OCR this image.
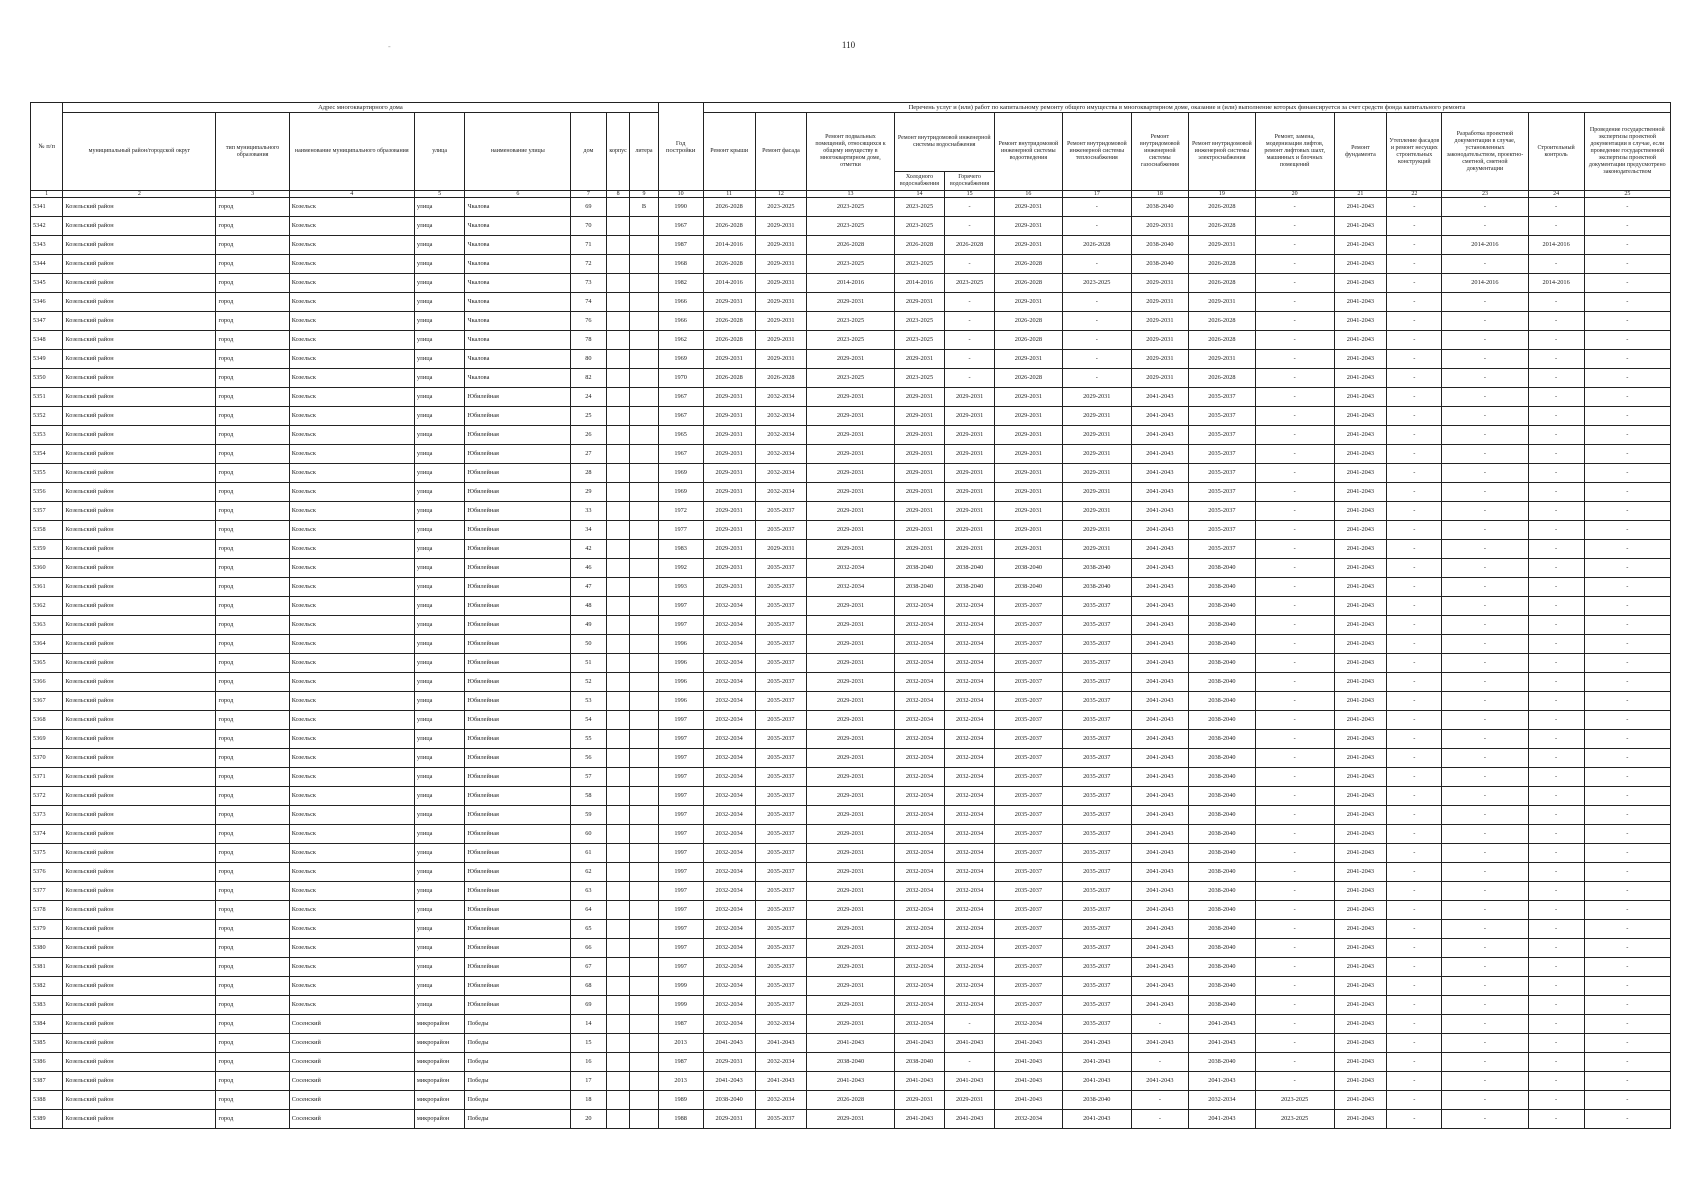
110
-
№ п/п	Адрес многоквартирного дома								Год постройки	Перечень услуг и (или) работ по капитальному ремонту общего имущества в многоквартирном доме, оказание и (или) выполнение которых финансируется за счет средств фонда капитального ремонта														
	муниципальный район/городской округ	тип муниципального образования	наименование муниципального образования	улица	наименование улицы	дом	корпус	литера		Ремонт крыши	Ремонт фасада	Ремонт подвальных помещений, относящихся к общему имуществу в многоквартирном доме, отметки	Ремонт внутридомовой инженерной системы водоснабжения		Ремонт внутридомовой инженерной системы водоотведения	Ремонт внутридомовой инженерной системы теплоснабжения	Ремонт внутридомовой инженерной системы газоснабжения	Ремонт внутридомовой инженерной системы электроснабжения	Ремонт, замена, модернизация лифтов, ремонт лифтовых шахт, машинных и блочных помещений	Ремонт фундамента	Утепление фасадов и ремонт несущих строительных конструкций	Разработка проектной документации в случае, установленных законодательством, проектно-сметной, сметной документации	Строительный контроль	Проведение государственной экспертизы проектной документации в случае, если проведение государственной экспертизы проектной документации предусмотрено законодательством
													Холодного водоснабжения	Горячего водоснабжения										
1	2	3	4	5	6	7	8	9	10	11	12	13	14	15	16	17	18	19	20	21	22	23	24	25
5341	Козельский район	город	Козельск	улица	Чкалова	69		В	1990	2026-2028	2023-2025	2023-2025	2023-2025	-	2029-2031	-	2038-2040	2026-2028	-	2041-2043	-	-	-	-
5342	Козельский район	город	Козельск	улица	Чкалова	70			1967	2026-2028	2029-2031	2023-2025	2023-2025	-	2029-2031	-	2029-2031	2026-2028	-	2041-2043	-	-	-	-
5343	Козельский район	город	Козельск	улица	Чкалова	71			1987	2014-2016	2029-2031	2026-2028	2026-2028	2026-2028	2029-2031	2026-2028	2038-2040	2029-2031	-	2041-2043	-	2014-2016	2014-2016	-
5344	Козельский район	город	Козельск	улица	Чкалова	72			1968	2026-2028	2029-2031	2023-2025	2023-2025	-	2026-2028	-	2038-2040	2026-2028	-	2041-2043	-	-	-	-
5345	Козельский район	город	Козельск	улица	Чкалова	73			1982	2014-2016	2029-2031	2014-2016	2014-2016	2023-2025	2026-2028	2023-2025	2029-2031	2026-2028	-	2041-2043	-	2014-2016	2014-2016	-
5346	Козельский район	город	Козельск	улица	Чкалова	74			1966	2029-2031	2029-2031	2029-2031	2029-2031	-	2029-2031	-	2029-2031	2029-2031	-	2041-2043	-	-	-	-
5347	Козельский район	город	Козельск	улица	Чкалова	76			1966	2026-2028	2029-2031	2023-2025	2023-2025	-	2026-2028	-	2029-2031	2026-2028	-	2041-2043	-	-	-	-
5348	Козельский район	город	Козельск	улица	Чкалова	78			1962	2026-2028	2029-2031	2023-2025	2023-2025	-	2026-2028	-	2029-2031	2026-2028	-	2041-2043	-	-	-	-
5349	Козельский район	город	Козельск	улица	Чкалова	80			1969	2029-2031	2029-2031	2029-2031	2029-2031	-	2029-2031	-	2029-2031	2029-2031	-	2041-2043	-	-	-	-
5350	Козельский район	город	Козельск	улица	Чкалова	82			1970	2026-2028	2026-2028	2023-2025	2023-2025	-	2026-2028	-	2029-2031	2026-2028	-	2041-2043	-	-	-	-
5351	Козельский район	город	Козельск	улица	Юбилейная	24			1967	2029-2031	2032-2034	2029-2031	2029-2031	2029-2031	2029-2031	2029-2031	2041-2043	2035-2037	-	2041-2043	-	-	-	-
5352	Козельский район	город	Козельск	улица	Юбилейная	25			1967	2029-2031	2032-2034	2029-2031	2029-2031	2029-2031	2029-2031	2029-2031	2041-2043	2035-2037	-	2041-2043	-	-	-	-
5353	Козельский район	город	Козельск	улица	Юбилейная	26			1965	2029-2031	2032-2034	2029-2031	2029-2031	2029-2031	2029-2031	2029-2031	2041-2043	2035-2037	-	2041-2043	-	-	-	-
5354	Козельский район	город	Козельск	улица	Юбилейная	27			1967	2029-2031	2032-2034	2029-2031	2029-2031	2029-2031	2029-2031	2029-2031	2041-2043	2035-2037	-	2041-2043	-	-	-	-
5355	Козельский район	город	Козельск	улица	Юбилейная	28			1969	2029-2031	2032-2034	2029-2031	2029-2031	2029-2031	2029-2031	2029-2031	2041-2043	2035-2037	-	2041-2043	-	-	-	-
5356	Козельский район	город	Козельск	улица	Юбилейная	29			1969	2029-2031	2032-2034	2029-2031	2029-2031	2029-2031	2029-2031	2029-2031	2041-2043	2035-2037	-	2041-2043	-	-	-	-
5357	Козельский район	город	Козельск	улица	Юбилейная	33			1972	2029-2031	2035-2037	2029-2031	2029-2031	2029-2031	2029-2031	2029-2031	2041-2043	2035-2037	-	2041-2043	-	-	-	-
5358	Козельский район	город	Козельск	улица	Юбилейная	34			1977	2029-2031	2035-2037	2029-2031	2029-2031	2029-2031	2029-2031	2029-2031	2041-2043	2035-2037	-	2041-2043	-	-	-	-
5359	Козельский район	город	Козельск	улица	Юбилейная	42			1983	2029-2031	2029-2031	2029-2031	2029-2031	2029-2031	2029-2031	2029-2031	2041-2043	2035-2037	-	2041-2043	-	-	-	-
5360	Козельский район	город	Козельск	улица	Юбилейная	46			1992	2029-2031	2035-2037	2032-2034	2038-2040	2038-2040	2038-2040	2038-2040	2041-2043	2038-2040	-	2041-2043	-	-	-	-
5361	Козельский район	город	Козельск	улица	Юбилейная	47			1993	2029-2031	2035-2037	2032-2034	2038-2040	2038-2040	2038-2040	2038-2040	2041-2043	2038-2040	-	2041-2043	-	-	-	-
5362	Козельский район	город	Козельск	улица	Юбилейная	48			1997	2032-2034	2035-2037	2029-2031	2032-2034	2032-2034	2035-2037	2035-2037	2041-2043	2038-2040	-	2041-2043	-	-	-	-
5363	Козельский район	город	Козельск	улица	Юбилейная	49			1997	2032-2034	2035-2037	2029-2031	2032-2034	2032-2034	2035-2037	2035-2037	2041-2043	2038-2040	-	2041-2043	-	-	-	-
5364	Козельский район	город	Козельск	улица	Юбилейная	50			1996	2032-2034	2035-2037	2029-2031	2032-2034	2032-2034	2035-2037	2035-2037	2041-2043	2038-2040	-	2041-2043	-	-	-	-
5365	Козельский район	город	Козельск	улица	Юбилейная	51			1996	2032-2034	2035-2037	2029-2031	2032-2034	2032-2034	2035-2037	2035-2037	2041-2043	2038-2040	-	2041-2043	-	-	-	-
5366	Козельский район	город	Козельск	улица	Юбилейная	52			1996	2032-2034	2035-2037	2029-2031	2032-2034	2032-2034	2035-2037	2035-2037	2041-2043	2038-2040	-	2041-2043	-	-	-	-
5367	Козельский район	город	Козельск	улица	Юбилейная	53			1996	2032-2034	2035-2037	2029-2031	2032-2034	2032-2034	2035-2037	2035-2037	2041-2043	2038-2040	-	2041-2043	-	-	-	-
5368	Козельский район	город	Козельск	улица	Юбилейная	54			1997	2032-2034	2035-2037	2029-2031	2032-2034	2032-2034	2035-2037	2035-2037	2041-2043	2038-2040	-	2041-2043	-	-	-	-
5369	Козельский район	город	Козельск	улица	Юбилейная	55			1997	2032-2034	2035-2037	2029-2031	2032-2034	2032-2034	2035-2037	2035-2037	2041-2043	2038-2040	-	2041-2043	-	-	-	-
5370	Козельский район	город	Козельск	улица	Юбилейная	56			1997	2032-2034	2035-2037	2029-2031	2032-2034	2032-2034	2035-2037	2035-2037	2041-2043	2038-2040	-	2041-2043	-	-	-	-
5371	Козельский район	город	Козельск	улица	Юбилейная	57			1997	2032-2034	2035-2037	2029-2031	2032-2034	2032-2034	2035-2037	2035-2037	2041-2043	2038-2040	-	2041-2043	-	-	-	-
5372	Козельский район	город	Козельск	улица	Юбилейная	58			1997	2032-2034	2035-2037	2029-2031	2032-2034	2032-2034	2035-2037	2035-2037	2041-2043	2038-2040	-	2041-2043	-	-	-	-
5373	Козельский район	город	Козельск	улица	Юбилейная	59			1997	2032-2034	2035-2037	2029-2031	2032-2034	2032-2034	2035-2037	2035-2037	2041-2043	2038-2040	-	2041-2043	-	-	-	-
5374	Козельский район	город	Козельск	улица	Юбилейная	60			1997	2032-2034	2035-2037	2029-2031	2032-2034	2032-2034	2035-2037	2035-2037	2041-2043	2038-2040	-	2041-2043	-	-	-	-
5375	Козельский район	город	Козельск	улица	Юбилейная	61			1997	2032-2034	2035-2037	2029-2031	2032-2034	2032-2034	2035-2037	2035-2037	2041-2043	2038-2040	-	2041-2043	-	-	-	-
5376	Козельский район	город	Козельск	улица	Юбилейная	62			1997	2032-2034	2035-2037	2029-2031	2032-2034	2032-2034	2035-2037	2035-2037	2041-2043	2038-2040	-	2041-2043	-	-	-	-
5377	Козельский район	город	Козельск	улица	Юбилейная	63			1997	2032-2034	2035-2037	2029-2031	2032-2034	2032-2034	2035-2037	2035-2037	2041-2043	2038-2040	-	2041-2043	-	-	-	-
5378	Козельский район	город	Козельск	улица	Юбилейная	64			1997	2032-2034	2035-2037	2029-2031	2032-2034	2032-2034	2035-2037	2035-2037	2041-2043	2038-2040	-	2041-2043	-	-	-	-
5379	Козельский район	город	Козельск	улица	Юбилейная	65			1997	2032-2034	2035-2037	2029-2031	2032-2034	2032-2034	2035-2037	2035-2037	2041-2043	2038-2040	-	2041-2043	-	-	-	-
5380	Козельский район	город	Козельск	улица	Юбилейная	66			1997	2032-2034	2035-2037	2029-2031	2032-2034	2032-2034	2035-2037	2035-2037	2041-2043	2038-2040	-	2041-2043	-	-	-	-
5381	Козельский район	город	Козельск	улица	Юбилейная	67			1997	2032-2034	2035-2037	2029-2031	2032-2034	2032-2034	2035-2037	2035-2037	2041-2043	2038-2040	-	2041-2043	-	-	-	-
5382	Козельский район	город	Козельск	улица	Юбилейная	68			1999	2032-2034	2035-2037	2029-2031	2032-2034	2032-2034	2035-2037	2035-2037	2041-2043	2038-2040	-	2041-2043	-	-	-	-
5383	Козельский район	город	Козельск	улица	Юбилейная	69			1999	2032-2034	2035-2037	2029-2031	2032-2034	2032-2034	2035-2037	2035-2037	2041-2043	2038-2040	-	2041-2043	-	-	-	-
5384	Козельский район	город	Сосенский	микрорайон	Победы	14			1987	2032-2034	2032-2034	2029-2031	2032-2034	-	2032-2034	2035-2037	-	2041-2043	-	2041-2043	-	-	-	-
5385	Козельский район	город	Сосенский	микрорайон	Победы	15			2013	2041-2043	2041-2043	2041-2043	2041-2043	2041-2043	2041-2043	2041-2043	2041-2043	2041-2043	-	2041-2043	-	-	-	-
5386	Козельский район	город	Сосенский	микрорайон	Победы	16			1987	2029-2031	2032-2034	2038-2040	2038-2040	-	2041-2043	2041-2043	-	2038-2040	-	2041-2043	-	-	-	-
5387	Козельский район	город	Сосенский	микрорайон	Победы	17			2013	2041-2043	2041-2043	2041-2043	2041-2043	2041-2043	2041-2043	2041-2043	2041-2043	2041-2043	-	2041-2043	-	-	-	-
5388	Козельский район	город	Сосенский	микрорайон	Победы	18			1989	2038-2040	2032-2034	2026-2028	2029-2031	2029-2031	2041-2043	2038-2040	-	2032-2034	2023-2025	2041-2043	-	-	-	-
5389	Козельский район	город	Сосенский	микрорайон	Победы	20			1988	2029-2031	2035-2037	2029-2031	2041-2043	2041-2043	2032-2034	2041-2043	-	2041-2043	2023-2025	2041-2043	-	-	-	-
